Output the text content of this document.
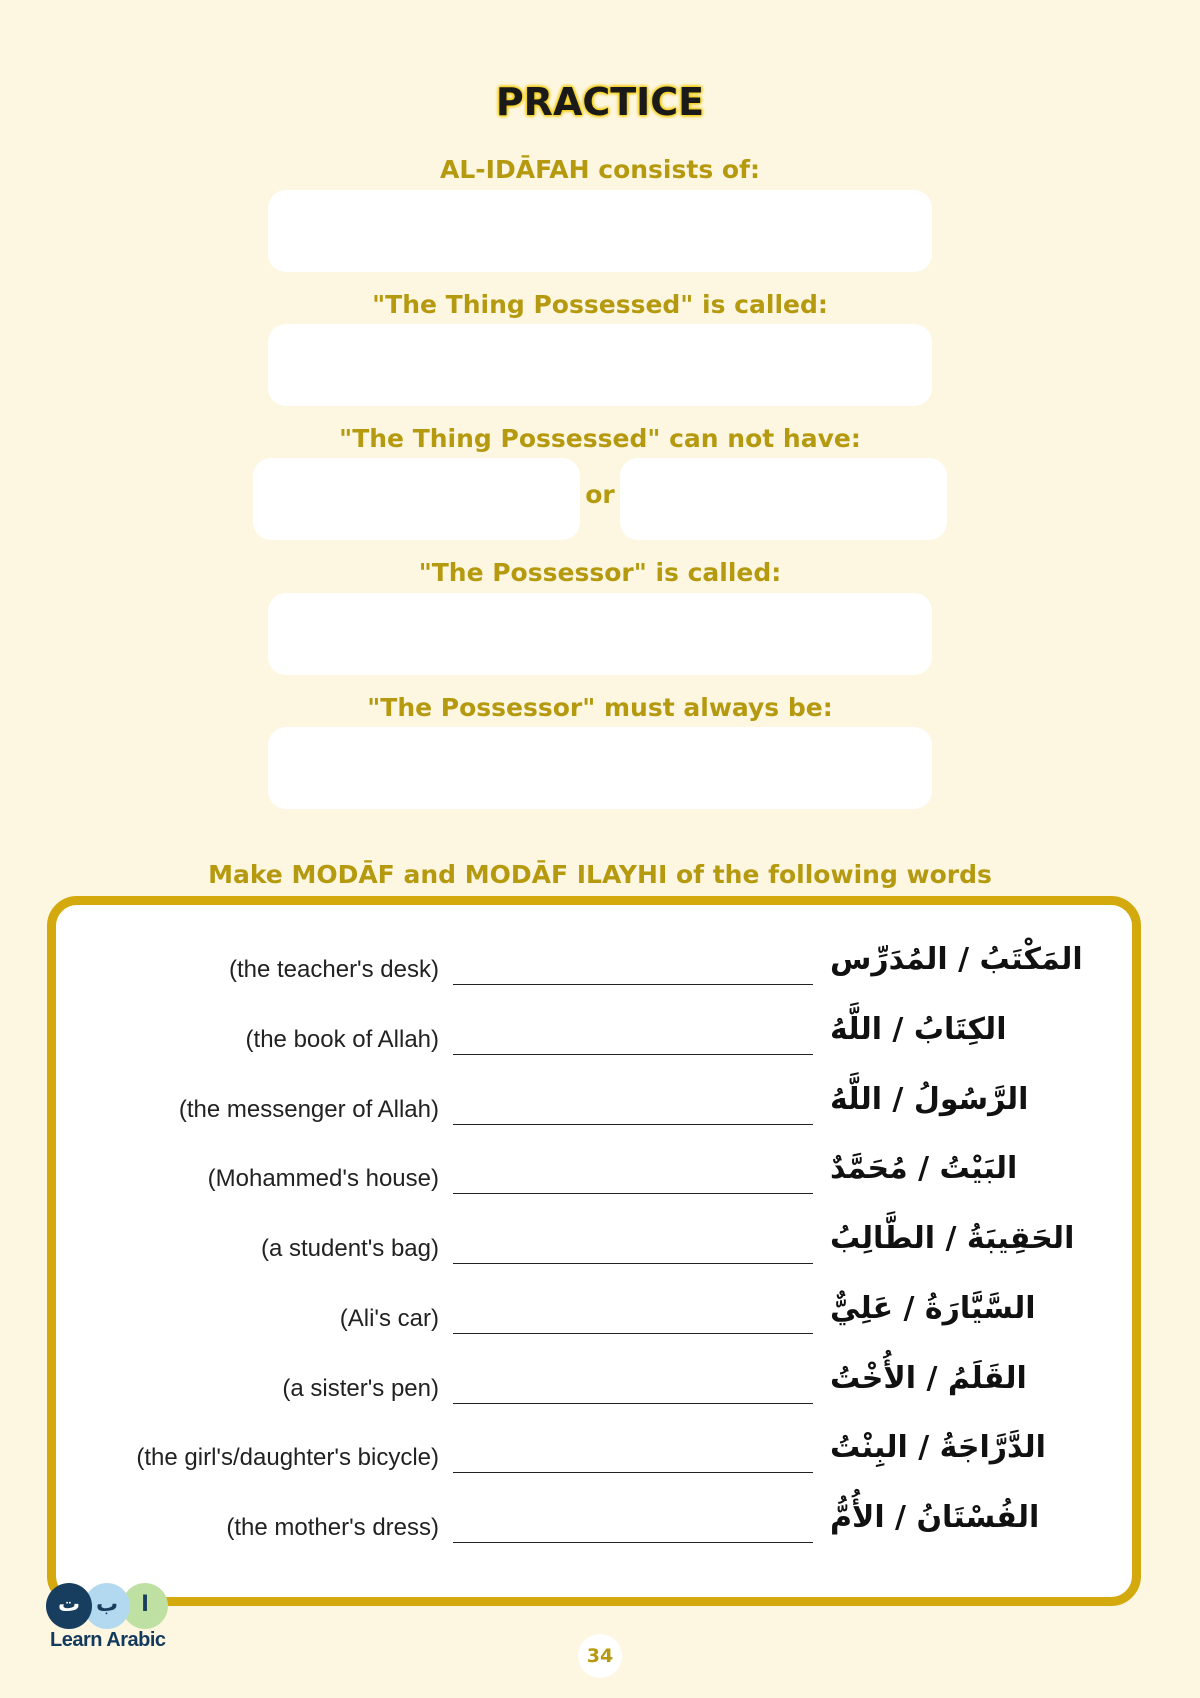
PRACTICE
AL-IDĀFAH consists of:
"The Thing Possessed" is called:
"The Thing Possessed" can not have:
or
"The Possessor" is called:
"The Possessor" must always be:
Make MODĀF and MODĀF ILAYHI of the following words
(the teacher's desk)	المَكْتَبُ / المُدَرِّس
(the book of Allah)	الكِتَابُ / اللَّهُ
(the messenger of Allah)	الرَّسُولُ / اللَّهُ
(Mohammed's house)	البَيْتُ / مُحَمَّدٌ
(a student's bag)	الحَقِيبَةُ / الطَّالِبُ
(Ali's car)	السَّيَّارَةُ / عَلِيٌّ
(a sister's pen)	القَلَمُ / الأُخْتُ
(the girl's/daughter's bicycle)	الدَّرَّاجَةُ / البِنْتُ
(the mother's dress)	الفُسْتَانُ / الأُمُّ
ا
ب
ت
Learn Arabic
34
